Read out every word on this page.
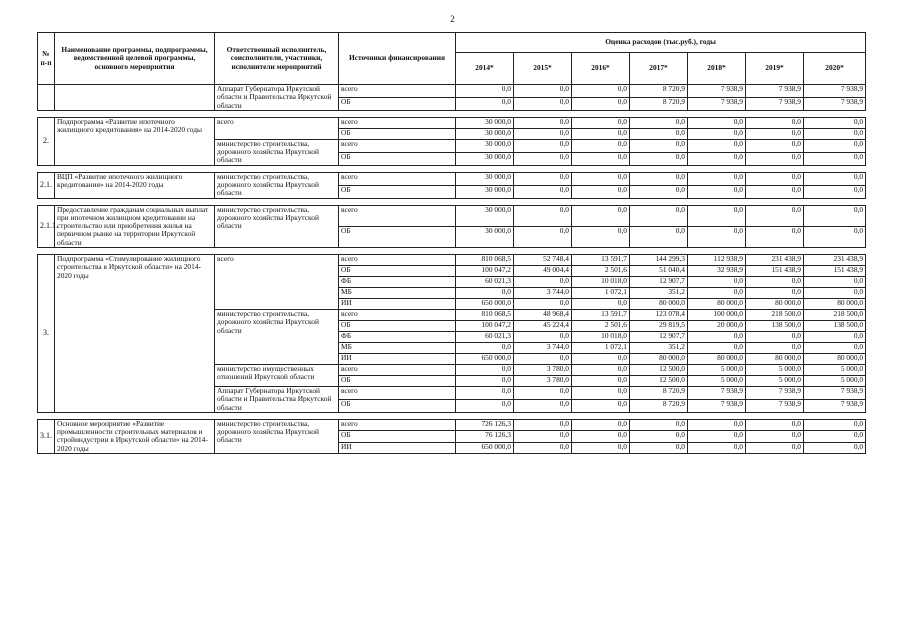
2
№ п-п	Наименование программы, подпрограммы, ведомственной целевой программы, основного мероприятия	Ответственный исполнитель, соисполнители, участники, исполнители мероприятий	Источники финансирования	Оценка расходов (тыс.руб.), годы						
				2014*	2015*	2016*	2017*	2018*	2019*	2020*
		Аппарат Губернатора Иркутской области и Правительства Иркутской области	всего	0,0	0,0	0,0	8 720,9	7 938,9	7 938,9	7 938,9
			ОБ	0,0	0,0	0,0	8 720,9	7 938,9	7 938,9	7 938,9

2.	Подпрограмма «Развитие ипотечного жилищного кредитования» на 2014-2020 годы	всего	всего	30 000,0	0,0	0,0	0,0	0,0	0,0	0,0
			ОБ	30 000,0	0,0	0,0	0,0	0,0	0,0	0,0
		министерство строительства, дорожного хозяйства Иркутской области	всего	30 000,0	0,0	0,0	0,0	0,0	0,0	0,0
			ОБ	30 000,0	0,0	0,0	0,0	0,0	0,0	0,0

2.1.	ВЦП «Развитие ипотечного жилищного кредитования» на 2014-2020 годы	министерство строительства, дорожного хозяйства Иркутской области	всего	30 000,0	0,0	0,0	0,0	0,0	0,0	0,0
			ОБ	30 000,0	0,0	0,0	0,0	0,0	0,0	0,0

2.1.1.	Предоставление гражданам социальных выплат при ипотечном жилищном кредитовании на строительство или приобретения жилья на первичном рынке на территории Иркутской области	министерство строительства, дорожного хозяйства Иркутской области	всего	30 000,0	0,0	0,0	0,0	0,0	0,0	0,0
			ОБ	30 000,0	0,0	0,0	0,0	0,0	0,0	0,0

3.	Подпрограмма «Стимулирование жилищного строительства в Иркутской области» на 2014-2020 годы	всего	всего	810 068,5	52 748,4	13 591,7	144 299,3	112 938,9	231 438,9	231 438,9
			ОБ	100 047,2	49 004,4	2 501,6	51 040,4	32 938,9	151 438,9	151 438,9
			ФБ	60 021,3	0,0	10 018,0	12 907,7	0,0	0,0	0,0
			МБ	0,0	3 744,0	1 072,1	351,2	0,0	0,0	0,0
			ИИ	650 000,0	0,0	0,0	80 000,0	80 000,0	80 000,0	80 000,0
		министерство строительства, дорожного хозяйства Иркутской области	всего	810 068,5	48 968,4	13 591,7	123 078,4	100 000,0	218 500,0	218 500,0
			ОБ	100 047,2	45 224,4	2 501,6	29 819,5	20 000,0	138 500,0	138 500,0
			ФБ	60 021,3	0,0	10 018,0	12 907,7	0,0	0,0	0,0
			МБ	0,0	3 744,0	1 072,1	351,2	0,0	0,0	0,0
			ИИ	650 000,0	0,0	0,0	80 000,0	80 000,0	80 000,0	80 000,0
		министерство имущественных отношений Иркутской области	всего	0,0	3 780,0	0,0	12 500,0	5 000,0	5 000,0	5 000,0
			ОБ	0,0	3 780,0	0,0	12 500,0	5 000,0	5 000,0	5 000,0
		Аппарат Губернатора Иркутской области и Правительства Иркутской области	всего	0,0	0,0	0,0	8 720,9	7 938,9	7 938,9	7 938,9
			ОБ	0,0	0,0	0,0	8 720,9	7 938,9	7 938,9	7 938,9

3.1.	Основное мероприятие «Развитие промышленности строительных материалов и стройиндустрии в Иркутской области» на 2014-2020 годы	министерство строительства, дорожного хозяйства Иркутской области	всего	726 126,3	0,0	0,0	0,0	0,0	0,0	0,0
			ОБ	76 126,3	0,0	0,0	0,0	0,0	0,0	0,0
			ИИ	650 000,0	0,0	0,0	0,0	0,0	0,0	0,0
